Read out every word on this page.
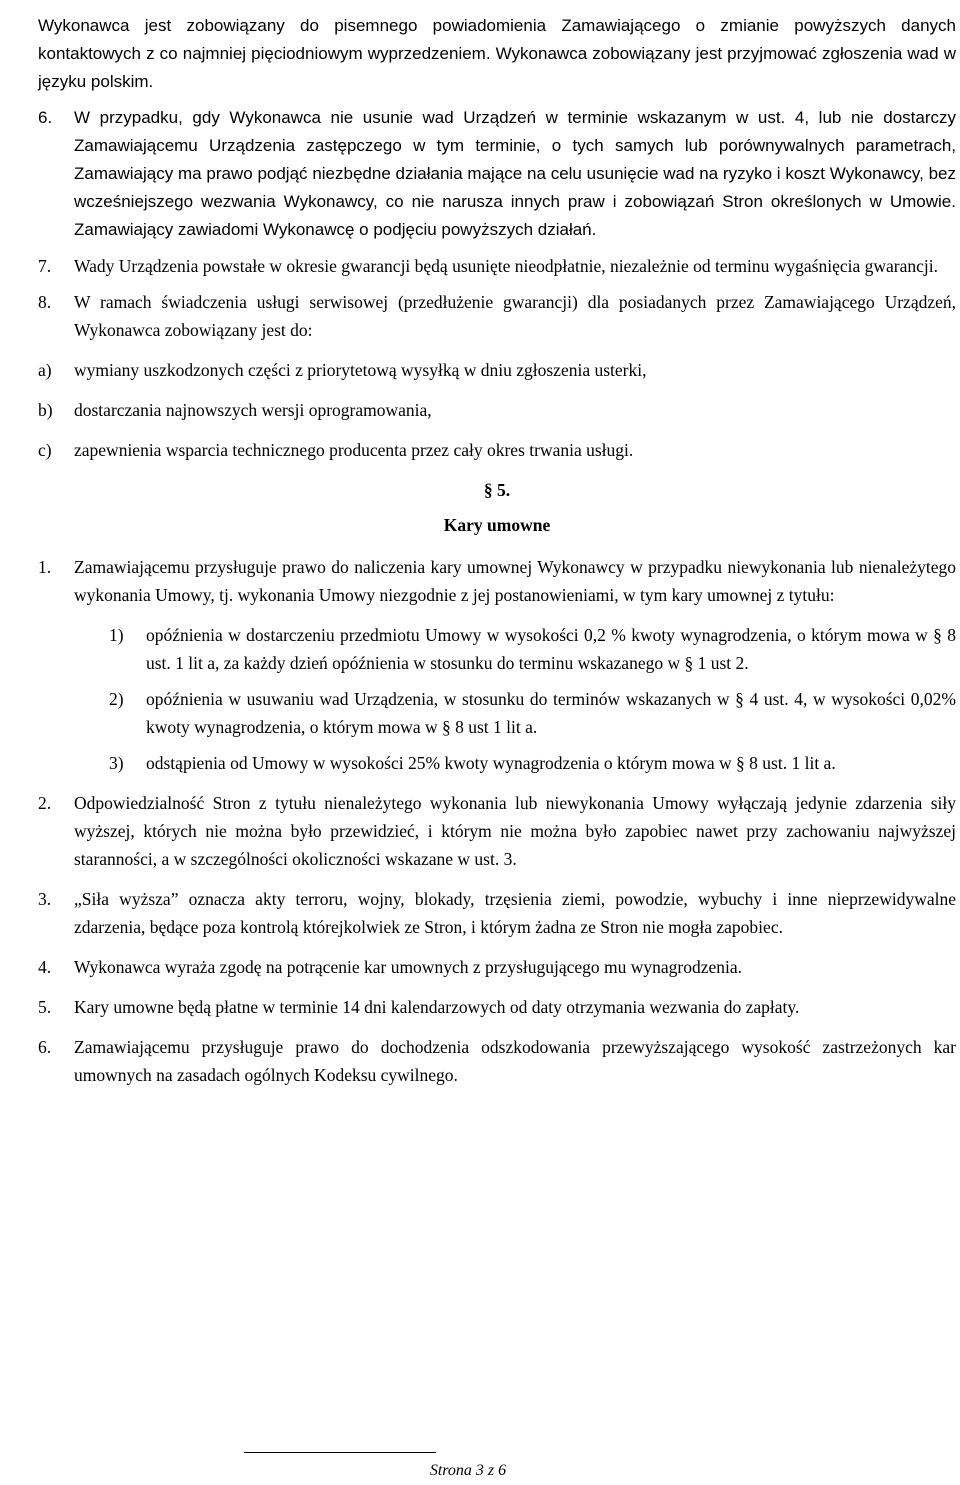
Wykonawca jest zobowiązany do pisemnego powiadomienia Zamawiającego o zmianie powyższych danych kontaktowych z co najmniej pięciodniowym wyprzedzeniem. Wykonawca zobowiązany jest przyjmować zgłoszenia wad w języku polskim.

6.	W przypadku, gdy Wykonawca nie usunie wad Urządzeń w terminie wskazanym w ust. 4, lub nie dostarczy Zamawiającemu Urządzenia zastępczego w tym terminie, o tych samych lub porównywalnych parametrach, Zamawiający ma prawo podjąć niezbędne działania mające na celu usunięcie wad na ryzyko i koszt Wykonawcy, bez wcześniejszego wezwania Wykonawcy, co nie narusza innych praw i zobowiązań Stron określonych w Umowie. Zamawiający zawiadomi Wykonawcę o podjęciu powyższych działań.
7.	Wady Urządzenia powstałe w okresie gwarancji będą usunięte nieodpłatnie, niezależnie od terminu wygaśnięcia gwarancji.
8.	W ramach świadczenia usługi serwisowej (przedłużenie gwarancji) dla posiadanych przez Zamawiającego Urządzeń, Wykonawca zobowiązany jest do:
a)	wymiany uszkodzonych części z priorytetową wysyłką w dniu zgłoszenia usterki,
b)	dostarczania najnowszych wersji oprogramowania,
c)	zapewnienia wsparcia technicznego producenta przez cały okres trwania usługi.
§ 5.
Kary umowne
1.	Zamawiającemu przysługuje prawo do naliczenia kary umownej Wykonawcy w przypadku niewykonania lub nienależytego wykonania Umowy, tj. wykonania Umowy niezgodnie z jej postanowieniami, w tym kary umownej z tytułu:
1)	opóźnienia w dostarczeniu przedmiotu Umowy w wysokości 0,2 % kwoty wynagrodzenia, o którym mowa w § 8 ust. 1 lit a, za każdy dzień opóźnienia w stosunku do terminu wskazanego w § 1 ust 2.
2)	opóźnienia w usuwaniu wad Urządzenia, w stosunku do terminów wskazanych w § 4 ust. 4, w wysokości 0,02% kwoty wynagrodzenia, o którym mowa w § 8 ust 1 lit a.
3)	odstąpienia od Umowy w wysokości 25% kwoty wynagrodzenia o którym mowa w § 8 ust. 1 lit a.
2.	Odpowiedzialność Stron z tytułu nienależytego wykonania lub niewykonania Umowy wyłączają jedynie zdarzenia siły wyższej, których nie można było przewidzieć, i którym nie można było zapobiec nawet przy zachowaniu najwyższej staranności, a w szczególności okoliczności wskazane w ust. 3.
3.	„Siła wyższa” oznacza akty terroru, wojny, blokady, trzęsienia ziemi, powodzie, wybuchy i inne nieprzewidywalne zdarzenia, będące poza kontrolą którejkolwiek ze Stron, i którym żadna ze Stron nie mogła zapobiec.
4.	Wykonawca wyraża zgodę na potrącenie kar umownych z przysługującego mu wynagrodzenia.
5.	Kary umowne będą płatne w terminie 14 dni kalendarzowych od daty otrzymania wezwania do zapłaty.
6.	Zamawiającemu przysługuje prawo do dochodzenia odszkodowania przewyższającego wysokość zastrzeżonych kar umownych na zasadach ogólnych Kodeksu cywilnego.
Strona 3 z 6
